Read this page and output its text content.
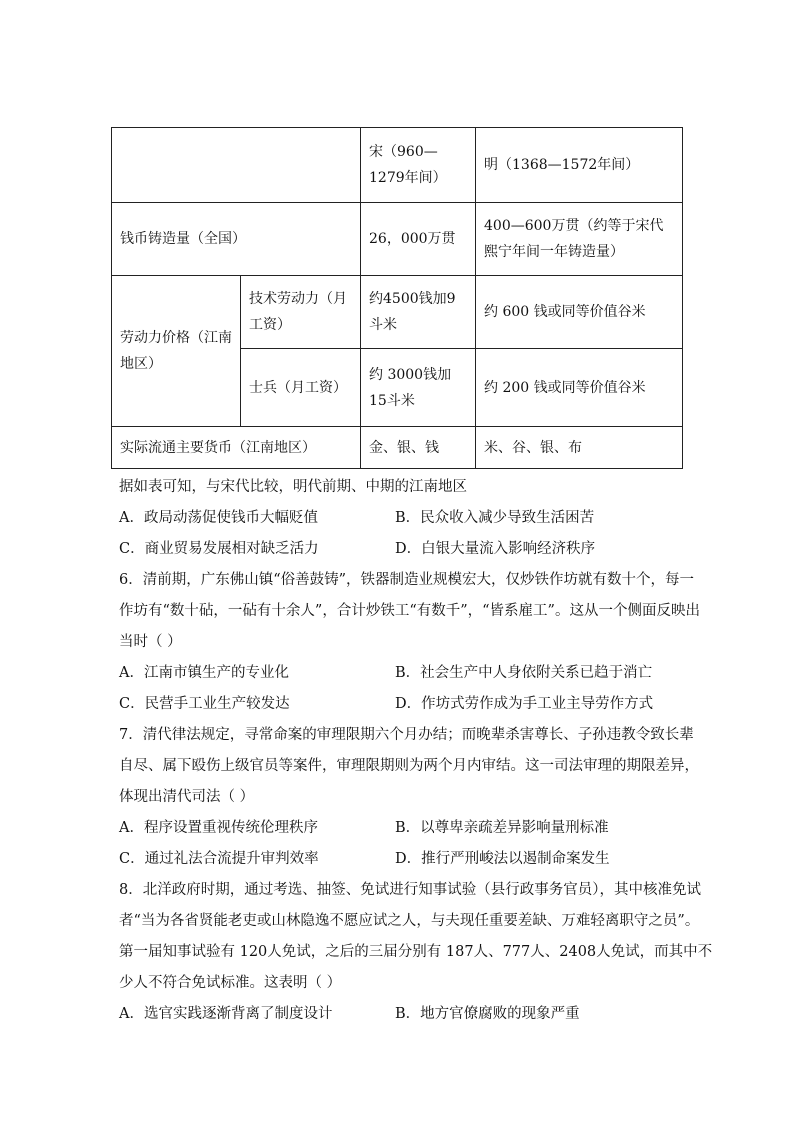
		宋（960—1279年间）	明（1368—1572年间）
钱币铸造量（全国）		26，000万贯	400—600万贯（约等于宋代熙宁年间一年铸造量）
劳动力价格（江南地区）	技术劳动力（月工资）	约4500钱加9斗米	约 600 钱或同等价值谷米
	士兵（月工资）	约 3000钱加 15斗米	约 200 钱或同等价值谷米
实际流通主要货币（江南地区）		金、银、钱	米、谷、银、布
据如表可知，与宋代比较，明代前期、中期的江南地区
A．政局动荡促使钱币大幅贬值	B．民众收入减少导致生活困苦
C．商业贸易发展相对缺乏活力	D．白银大量流入影响经济秩序
6．清前期，广东佛山镇“俗善鼓铸”，铁器制造业规模宏大，仅炒铁作坊就有数十个，每一
作坊有“数十砧，一砧有十余人”，合计炒铁工“有数千”，“皆系雇工”。这从一个侧面反映出
当时（ ）
A．江南市镇生产的专业化	B．社会生产中人身依附关系已趋于消亡
C．民营手工业生产较发达	D．作坊式劳作成为手工业主导劳作方式
7．清代律法规定，寻常命案的审理限期六个月办结；而晚辈杀害尊长、子孙违教令致长辈
自尽、属下殴伤上级官员等案件，审理限期则为两个月内审结。这一司法审理的期限差异，
体现出清代司法（ ）
A．程序设置重视传统伦理秩序	B．以尊卑亲疏差异影响量刑标准
C．通过礼法合流提升审判效率	D．推行严刑峻法以遏制命案发生
8．北洋政府时期，通过考选、抽签、免试进行知事试验（县行政事务官员），其中核准免试
者“当为各省贤能老吏或山林隐逸不愿应试之人，与夫现任重要差缺、万难轻离职守之员”。
第一届知事试验有 120人免试，之后的三届分别有 187人、777人、2408人免试，而其中不
少人不符合免试标准。这表明（ ）
A．选官实践逐渐背离了制度设计	B．地方官僚腐败的现象严重
